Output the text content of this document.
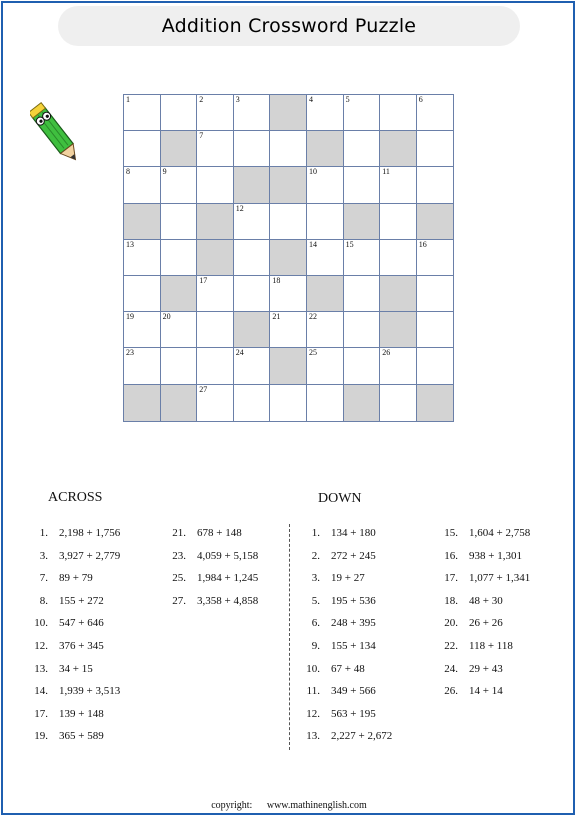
Addition Crossword Puzzle
1	2	3	4	5	6
7
8	9	10	11
12
13	14	15	16
17	18
19	20	21	22
23	24	25	26
27
ACROSS	DOWN
1. 2,198 + 1,756
3. 3,927 + 2,779
7. 89 + 79
8. 155 + 272
10. 547 + 646
12. 376 + 345
13. 34 + 15
14. 1,939 + 3,513
17. 139 + 148
19. 365 + 589
21. 678 + 148
23. 4,059 + 5,158
25. 1,984 + 1,245
27. 3,358 + 4,858
1. 134 + 180
2. 272 + 245
3. 19 + 27
5. 195 + 536
6. 248 + 395
9. 155 + 134
10. 67 + 48
11. 349 + 566
12. 563 + 195
13. 2,227 + 2,672
15. 1,604 + 2,758
16. 938 + 1,301
17. 1,077 + 1,341
18. 48 + 30
20. 26 + 26
22. 118 + 118
24. 29 + 43
26. 14 + 14
copyright: www.mathinenglish.com
